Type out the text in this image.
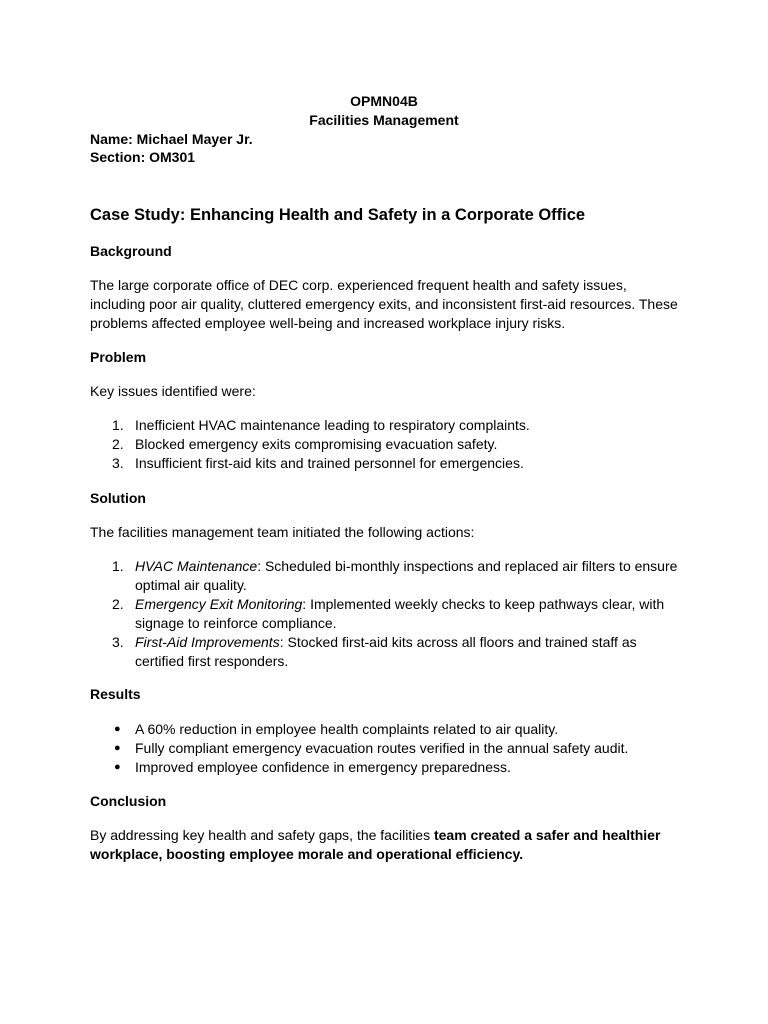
OPMN04B
Facilities Management
Name: Michael Mayer Jr.
Section: OM301
Case Study: Enhancing Health and Safety in a Corporate Office
Background
The large corporate office of DEC corp. experienced frequent health and safety issues, including poor air quality, cluttered emergency exits, and inconsistent first-aid resources. These problems affected employee well-being and increased workplace injury risks.
Problem
Key issues identified were:
1. Inefficient HVAC maintenance leading to respiratory complaints.
2. Blocked emergency exits compromising evacuation safety.
3. Insufficient first-aid kits and trained personnel for emergencies.
Solution
The facilities management team initiated the following actions:
1. HVAC Maintenance: Scheduled bi-monthly inspections and replaced air filters to ensure optimal air quality.
2. Emergency Exit Monitoring: Implemented weekly checks to keep pathways clear, with signage to reinforce compliance.
3. First-Aid Improvements: Stocked first-aid kits across all floors and trained staff as certified first responders.
Results
● A 60% reduction in employee health complaints related to air quality.
● Fully compliant emergency evacuation routes verified in the annual safety audit.
● Improved employee confidence in emergency preparedness.
Conclusion
By addressing key health and safety gaps, the facilities team created a safer and healthier workplace, boosting employee morale and operational efficiency.
